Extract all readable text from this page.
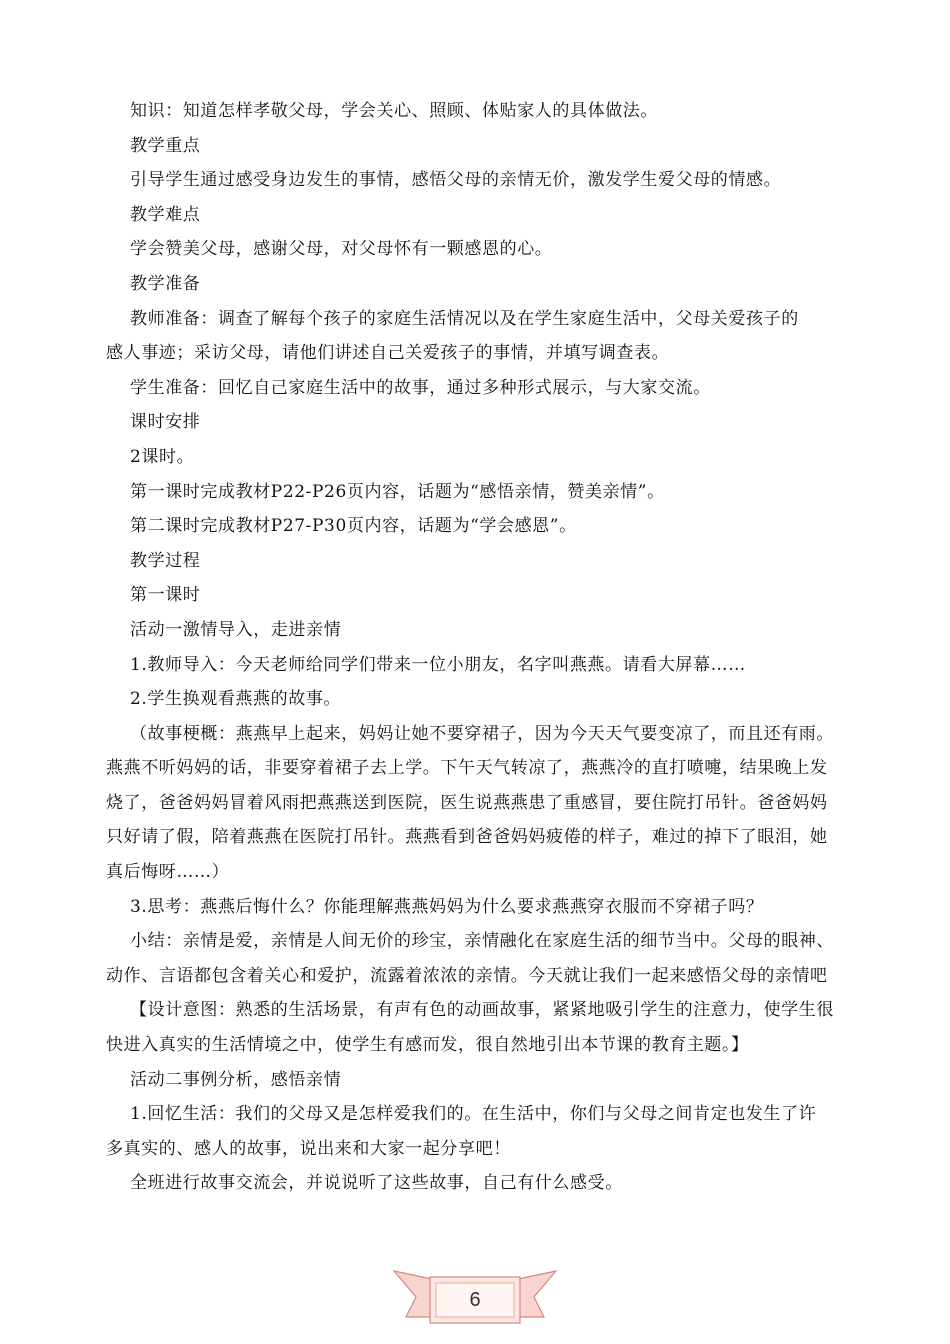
知识：知道怎样孝敬父母，学会关心、照顾、体贴家人的具体做法。

教学重点

引导学生通过感受身边发生的事情，感悟父母的亲情无价，激发学生爱父母的情感。

教学难点

学会赞美父母，感谢父母，对父母怀有一颗感恩的心。

教学准备

教师准备：调查了解每个孩子的家庭生活情况以及在学生家庭生活中，父母关爱孩子的
感人事迹；采访父母，请他们讲述自己关爱孩子的事情，并填写调查表。

学生准备：回忆自己家庭生活中的故事，通过多种形式展示，与大家交流。

课时安排

2课时。

第一课时完成教材P22-P26页内容，话题为“感悟亲情，赞美亲情”。

第二课时完成教材P27-P30页内容，话题为“学会感恩”。

教学过程

第一课时

活动一激情导入，走进亲情

1.教师导入：今天老师给同学们带来一位小朋友，名字叫燕燕。请看大屏幕……

2.学生换观看燕燕的故事。

（故事梗概：燕燕早上起来，妈妈让她不要穿裙子，因为今天天气要变凉了，而且还有雨。
燕燕不听妈妈的话，非要穿着裙子去上学。下午天气转凉了，燕燕冷的直打喷嚏，结果晚上发
烧了，爸爸妈妈冒着风雨把燕燕送到医院，医生说燕燕患了重感冒，要住院打吊针。爸爸妈妈
只好请了假，陪着燕燕在医院打吊针。燕燕看到爸爸妈妈疲倦的样子，难过的掉下了眼泪，她
真后悔呀……）

3.思考：燕燕后悔什么？你能理解燕燕妈妈为什么要求燕燕穿衣服而不穿裙子吗？

小结：亲情是爱，亲情是人间无价的珍宝，亲情融化在家庭生活的细节当中。父母的眼神、
动作、言语都包含着关心和爱护，流露着浓浓的亲情。今天就让我们一起来感悟父母的亲情吧

【设计意图：熟悉的生活场景，有声有色的动画故事，紧紧地吸引学生的注意力，使学生很
快进入真实的生活情境之中，使学生有感而发，很自然地引出本节课的教育主题。】

活动二事例分析，感悟亲情

1.回忆生活：我们的父母又是怎样爱我们的。在生活中，你们与父母之间肯定也发生了许
多真实的、感人的故事，说出来和大家一起分享吧！

全班进行故事交流会，并说说听了这些故事，自己有什么感受。

6
